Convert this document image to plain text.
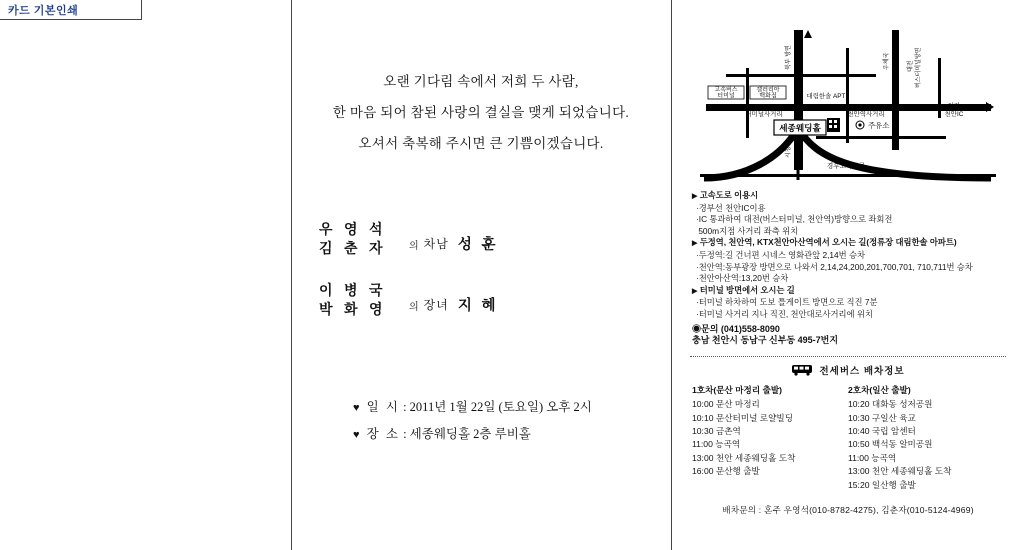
카드 기본인쇄
오랜 기다림 속에서 저희 두 사람,
한 마음 되어 참된 사랑의 결실을 맺게 되었습니다.
오셔서 축복해 주시면 큰 기쁨이겠습니다.
우 영 석
김 춘 자	의 차남 성 훈
이 병 국
박 화 영	의 장녀 지 혜
♥ 일 시 : 2011년 1월 22일 (토요일) 오후 2시
♥ 장 소 : 세종웨딩홀 2층 루비홀
세종웨딩홀	주유소
고속버스
터미널
갤러리아
백화점	대림한솔 APT
터미널사거리	천안역사거리	천안IC
입장
경부고속도로
북부 방면
시청
우체국	대전 버스터미널방면
▶ 고속도로 이용시
·경부선 천안IC이용
·IC 통과하여 대전(버스터미널, 천안역)방향으로 좌회전
500m지점 사거리 좌측 위치
▶ 두정역, 천안역, KTX천안아산역에서 오시는 길(정류장 대림한솔 아파트)
·두정역:길 건너편 시네스 영화관앞 2,14번 승차
·천안역:동부광장 방면으로 나와서 2,14,24,200,201,700,701, 710,711번 승차
·천안아산역:13,20번 승차
▶ 터미널 방면에서 오시는 길
·터미널 하차하여 도보 틀게이트 방면으로 직진 7분
·터미널 사거리 지나 직진, 천안대로사거리에 위치
◉문의 (041)558-8090
충남 천안시 동남구 신부동 495-7번지
전세버스 배차정보
1호차(문산 마정리 출발)
10:00 문산 마정리
10:10 문산터미널 로얄빌딩
10:30 금촌역
11:00 능곡역
13:00 천안 세종웨딩홀 도착
16:00 문산행 출발
2호차(일산 출발)
10:20 대화동 성저공원
10:30 구일산 육교
10:40 국립 암센터
10:50 백석동 알미공원
11:00 능곡역
13:00 천안 세종웨딩홀 도착
15:20 일산행 출발
배차문의 : 혼주 우영석(010-8782-4275), 김춘자(010-5124-4969)
